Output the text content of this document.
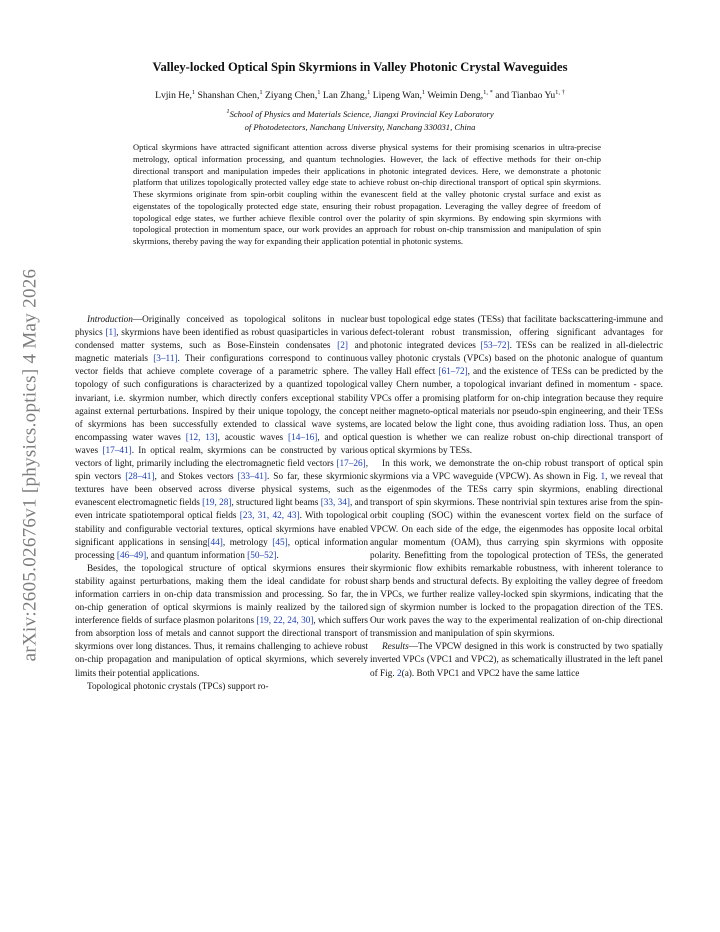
arXiv:2605.02676v1 [physics.optics] 4 May 2026
Valley-locked Optical Spin Skyrmions in Valley Photonic Crystal Waveguides
Lvjin He,$^1$ Shanshan Chen,$^1$ Ziyang Chen,$^1$ Lan Zhang,$^1$ Lipeng Wan,$^1$ Weimin Deng,$^{1, *}$ and Tianbao $Yu^{1, \dagger}$
$^1$School of Physics and Materials Science, Jiangxi Provincial Key Laboratory
of Photodetectors, Nanchang University, Nanchang 330031, China
Optical skyrmions have attracted significant attention across diverse physical systems for their promising scenarios in ultra-precise metrology, optical information processing, and quantum technologies. However, the lack of effective methods for their on-chip directional transport and manipulation impedes their applications in photonic integrated devices. Here, we demonstrate a photonic platform that utilizes topologically protected valley edge state to achieve robust on-chip directional transport of optical spin skyrmions. These skyrmions originate from spin-orbit coupling within the evanescent field at the valley photonic crystal surface and exist as eigenstates of the topologically protected edge state, ensuring their robust propagation. Leveraging the valley degree of freedom of topological edge states, we further achieve flexible control over the polarity of spin skyrmions. By endowing spin skyrmions with topological protection in momentum space, our work provides an approach for robust on-chip transmission and manipulation of spin skyrmions, thereby paving the way for expanding their application potential in photonic systems.

Introduction—Originally conceived as topological solitons in nuclear physics [1], skyrmions have been identified as robust quasiparticles in various condensed matter systems, such as Bose-Einstein condensates [2] and magnetic materials [3–11]. Their configurations correspond to continuous vector fields that achieve complete coverage of a parametric sphere. The topology of such configurations is characterized by a quantized topological invariant, i.e. skyrmion number, which directly confers exceptional stability against external perturbations. Inspired by their unique topology, the concept of skyrmions has been successfully extended to classical wave systems, encompassing water waves [12, 13], acoustic waves [14–16], and optical waves [17–41]. In optical realm, skyrmions can be constructed by various vectors of light, primarily including the electromagnetic field vectors [17–26], spin vectors [28–41], and Stokes vectors [33–41]. So far, these skyrmionic textures have been observed across diverse physical systems, such as evanescent electromagnetic fields [19, 28], structured light beams [33, 34], and even intricate spatiotemporal optical fields [23, 31, 42, 43]. With topological stability and configurable vectorial textures, optical skyrmions have enabled significant applications in sensing[44], metrology [45], optical information processing [46–49], and quantum information [50–52].

Besides, the topological structure of optical skyrmions ensures their stability against perturbations, making them the ideal candidate for robust information carriers in on-chip data transmission and processing. So far, the on-chip generation of optical skyrmions is mainly realized by the tailored interference fields of surface plasmon polaritons [19, 22, 24, 30], which suffers from absorption loss of metals and cannot support the directional transport of skyrmions over long distances. Thus, it remains challenging to achieve robust on-chip propagation and manipulation of optical skyrmions, which severely limits their potential applications.

Topological photonic crystals (TPCs) support ro-

bust topological edge states (TESs) that facilitate backscattering-immune and defect-tolerant robust transmission, offering significant advantages for photonic integrated devices [53–72]. TESs can be realized in all-dielectric valley photonic crystals (VPCs) based on the photonic analogue of quantum valley Hall effect [61–72], and the existence of TESs can be predicted by the valley Chern number, a topological invariant defined in momentum - space. VPCs offer a promising platform for on-chip integration because they require neither magneto-optical materials nor pseudo-spin engineering, and their TESs are located below the light cone, thus avoiding radiation loss. Thus, an open question is whether we can realize robust on-chip directional transport of optical skyrmions by TESs.

In this work, we demonstrate the on-chip robust transport of optical spin skyrmions via a VPC waveguide (VPCW). As shown in Fig. 1, we reveal that the eigenmodes of the TESs carry spin skyrmions, enabling directional transport of spin skyrmions. These nontrivial spin textures arise from the spin-orbit coupling (SOC) within the evanescent vortex field on the surface of VPCW. On each side of the edge, the eigenmodes has opposite local orbital angular momentum (OAM), thus carrying spin skyrmions with opposite polarity. Benefitting from the topological protection of TESs, the generated skyrmionic flow exhibits remarkable robustness, with inherent tolerance to sharp bends and structural defects. By exploiting the valley degree of freedom in VPCs, we further realize valley-locked spin skyrmions, indicating that the sign of skyrmion number is locked to the propagation direction of the TES. Our work paves the way to the experimental realization of on-chip directional transmission and manipulation of spin skyrmions.

Results—The VPCW designed in this work is constructed by two spatially inverted VPCs (VPC1 and VPC2), as schematically illustrated in the left panel of Fig. 2(a). Both VPC1 and VPC2 have the same lattice
